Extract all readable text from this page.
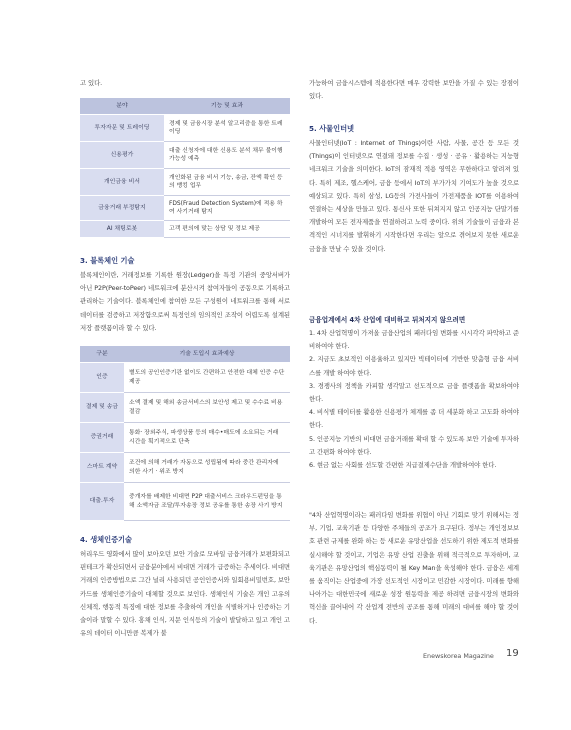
고 있다.

분야	기능 및 효과
투자자문 및 트레이딩	경제 및 금융시장 분석 알고리즘을 통한 트레이딩
신용평가	대출 신청자에 대한 신용도 분석 채무 불이행 가능성 예측
개인금융 비서	개인화된 금융 비서 기능, 송금, 잔액 확인 등의 뱅킹 업무
금융거래 부정탐지	FDS(Fraud Detection System)에 적용 하여 사기거래 탐지
AI 채팅로봇	고객 편의에 맞는 상담 및 정보 제공

3. 블록체인 기술

블록체인이란, 거래정보를 기록한 원장(Ledger)을 특정 기관의 중앙서버가 아닌 P2P(Peer-toPeer) 네트워크에 분산시켜 참여자들이 공동으로 기록하고 관리하는 기술이다. 블록체인에 참여한 모든 구성원이 네트워크를 통해 서로 데이터를 검증하고 저장함으로써 특정인의 임의적인 조작이 어렵도록 설계된 저장 플랫폼이라 할 수 있다.

구분	기술 도입시 효과예상
인증	별도의 공인인증기관 없이도 간편하고 안전한 대체 인증 수단 제공
결제 및 송금	소액 결제 및 해외 송금서비스의 보안성 제고 및 수수료 비용 절감
증권거래	통화· 장외주식, 파생상품 등의 매수•매도에 소요되는 거래 시간을 획기적으로 단축
스마트 계약	조건에 의해 거래가 자동으로 성립됨에 따라 중간 관리자에 의한 사기 · 위조 방지
대출.투자	중개자를 배제한 비대면 P2P 대출서비스 크라우드펀딩을 통해 소액자금 조달/투자송장 정보 공유를 통한 송장 사기 방지

4. 생체인증기술

허리우드 영화에서 많이 보아오던 보안 기술로 모바일 금융거래가 보편화되고 핀테크가 확산되면서 금융분야에서 비대면 거래가 급증하는 추세이다. 비대면거래의 인증방법으로 그간 널리 사용되던 공인인증서와 일회용비밀번호, 보안 카드를 생체인증기술이 대체할 것으로 보인다. 생체인식 기술은 개인 고유의 신체적, 행동적 특징에 대한 정보를 추출하여 개인을 식별하거나 인증하는 기술이라 말할 수 있다. 홍채 인식, 지문 인식등의 기술이 발달하고 있고 개인 고유의 데이터 이니만큼 복제가 불

가능하여 금융시스템에 적용한다면 매우 강력한 보안을 가질 수 있는 장점이 있다.

5. 사물인터넷

사물인터넷(IoT : Internet of Things)이란 사람, 사물, 공간 등 모든 것(Things)이 인터넷으로 연결돼 정보를 수집 · 생성 · 공유 · 활용하는 지능형 네크워크 기술을 의미한다. IoT의 잠재적 적용 영역은 무한하다고 알려져 있다. 특히 제조, 헬스케어, 금융 등에서 IoT의 부가가치 기여도가 높을 것으로 예상되고 있다. 특히 삼성, LG등의 가전사들이 가전제품을 IOT를 이용하여 연결하는 세상을 만들고 있다. 통신사 또한 뒤쳐지지 않고 인공지능 단말기를 개발하여 모든 전자제품을 연결하려고 노력 중이다. 위의 기술들이 금융과 본격적인 시너지를 발휘하기 시작한다면 우리는 앞으로 겪어보지 못한 새로운 금융을 만날 수 있을 것이다.

금융업계에서 4차 산업에 대비하고 뒤처지지 않으려면

1. 4차 산업혁명이 가져올 금융산업의 패러다임 변화를 시시각각 파악하고 준비하여야 한다.

2. 지금도 초보적인 이용율하고 있지만 빅테이터에 기반한 맞춤형 금융 서비스를 개발 하여야 한다.

3. 경쟁사의 정책을 카피할 생각말고 선도적으로 금융 플랫폼을 확보하여야 한다.

4. 비식별 테이터를 활용한 신용평가 체계를 좀 더 세분화 하고 고도화 하여야 한다.

5. 인공지능 기반의 비대면 금융거래를 확대 할 수 있도록 보안 기술에 투자하고 간편화 하여야 한다.

6. 현금 없는 사회를 선도할 간편한 지급결제수단을 개발하여야 한다.

"4차 산업혁명이라는 패러다임 변화를 위협이 아닌 기회로 맞기 위해서는 정부, 기업, 교육기관 등 다양한 주체들의 공조가 요구된다. 정부는 개인정보보호 관련 규제를 완화 하는 등 새로운 유망산업을 선도하기 위한 제도적 변화를 실시해야 할 것이고, 기업은 유망 산업 진출을 위해 적극적으로 투자하며, 교육기관은 유망산업의 핵심동력이 될 Key Man을 육성해야 한다. 금융은 세계를 움직이는 산업중에 가장 선도적인 시장이고 민감한 시장이다. 미래를 향해 나아가는 대한민국에 새로운 성장 원동력을 제공 하려면 금융시장의 변화와 혁신을 끌어내어 각 산업계 전반의 공조를 통해 미래의 대비를 해야 할 것이다.

Enewskorea Magazine 19
